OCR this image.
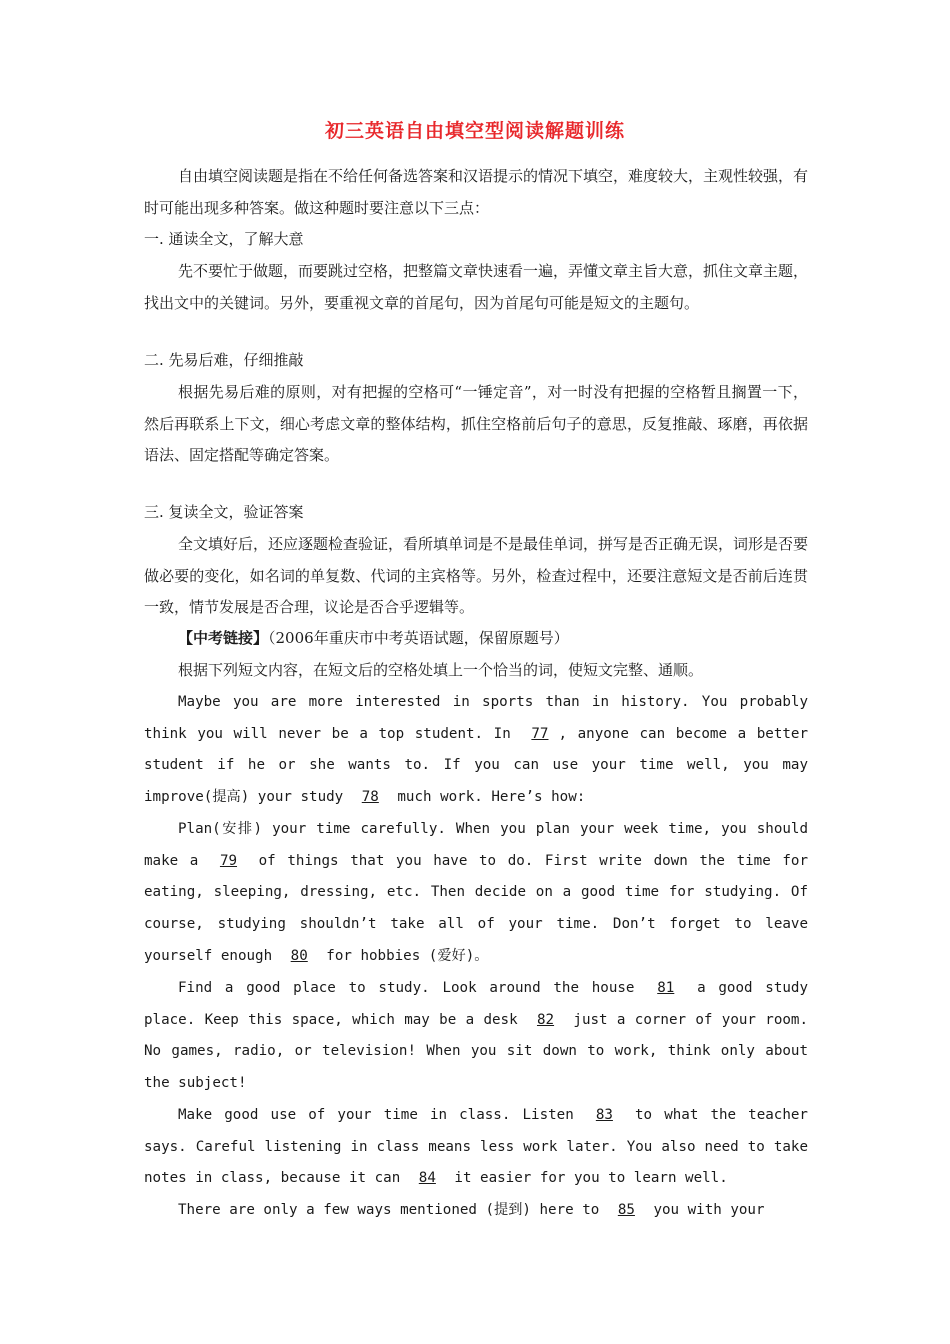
初三英语自由填空型阅读解题训练

自由填空阅读题是指在不给任何备选答案和汉语提示的情况下填空，难度较大，主观性较强，有时可能出现多种答案。做这种题时要注意以下三点：

一. 通读全文，了解大意

先不要忙于做题，而要跳过空格，把整篇文章快速看一遍，弄懂文章主旨大意，抓住文章主题，找出文中的关键词。另外，要重视文章的首尾句，因为首尾句可能是短文的主题句。

二. 先易后难，仔细推敲

根据先易后难的原则，对有把握的空格可“一锤定音”，对一时没有把握的空格暂且搁置一下，然后再联系上下文，细心考虑文章的整体结构，抓住空格前后句子的意思，反复推敲、琢磨，再依据语法、固定搭配等确定答案。

三. 复读全文，验证答案

全文填好后，还应逐题检查验证，看所填单词是不是最佳单词，拼写是否正确无误，词形是否要做必要的变化，如名词的单复数、代词的主宾格等。另外，检查过程中，还要注意短文是否前后连贯一致，情节发展是否合理，议论是否合乎逻辑等。

【中考链接】（2006年重庆市中考英语试题，保留原题号）

根据下列短文内容，在短文后的空格处填上一个恰当的词，使短文完整、通顺。

Maybe you are more interested in sports than in history. You probably think you will never be a top student. In 77 , anyone can become a better student if he or she wants to. If you can use your time well, you may improve(提高) your study 78 much work. Here’s how:

Plan(安排) your time carefully. When you plan your week time, you should make a 79 of things that you have to do. First write down the time for eating, sleeping, dressing, etc. Then decide on a good time for studying. Of course, studying shouldn’t take all of your time. Don’t forget to leave yourself enough 80 for hobbies (爱好)。

Find a good place to study. Look around the house 81 a good study place. Keep this space, which may be a desk 82 just a corner of your room. No games, radio, or television! When you sit down to work, think only about the subject!

Make good use of your time in class. Listen 83 to what the teacher says. Careful listening in class means less work later. You also need to take notes in class, because it can 84 it easier for you to learn well.

There are only a few ways mentioned (提到) here to 85 you with your
